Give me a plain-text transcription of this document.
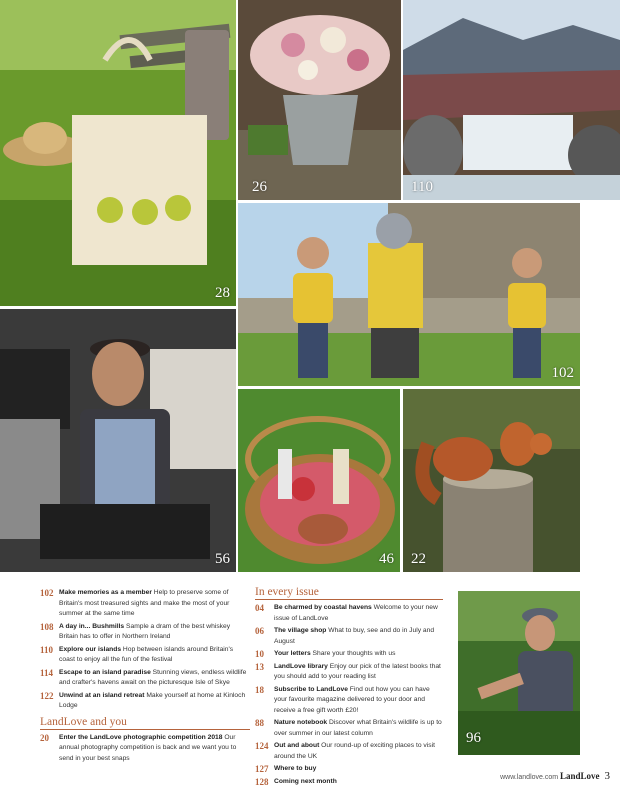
28
26	110
102
56	46 22
96
102 Make memories as a member Help to preserve some of Britain's most treasured sights and make the most of your summer at the same time
108 A day in... Bushmills Sample a dram of the best whiskey Britain has to offer in Northern Ireland
110 Explore our islands Hop between islands around Britain's coast to enjoy all the fun of the festival
114 Escape to an island paradise Stunning views, endless wildlife and crafter's havens await on the picturesque Isle of Skye
122 Unwind at an island retreat Make yourself at home at Kinloch Lodge
LandLove and you
20	Enter the LandLove photographic competition 2018 Our annual photography competition is back and we want you to send in your best snaps
In every issue
04	Be charmed by coastal havens Welcome to your new issue of LandLove
06	The village shop What to buy, see and do in July and August
10	Your letters Share your thoughts with us
13	LandLove library Enjoy our pick of the latest books that you should add to your reading list
18	Subscribe to LandLove Find out how you can have your favourite magazine delivered to your door and receive a free gift worth £20!
88	Nature notebook Discover what Britain's wildlife is up to over summer in our latest column
124 Out and about Our round-up of exciting places to visit around the UK
127 Where to buy
128 Coming next month	www.landlove.com LandLove 3
